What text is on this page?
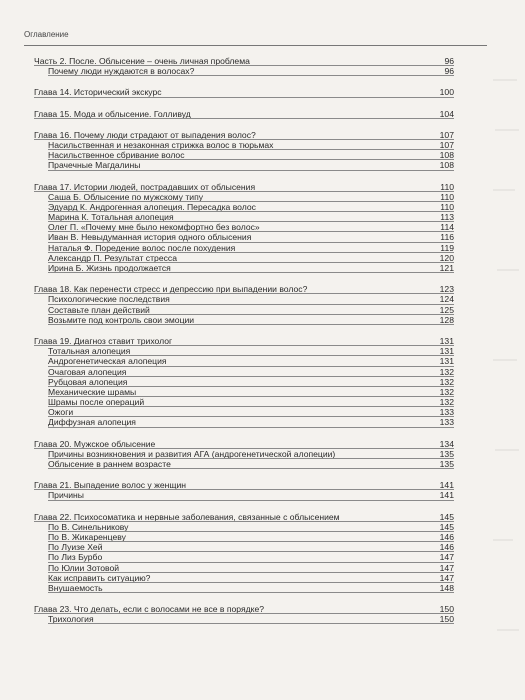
Оглавление
Часть 2. После. Облысение – очень личная проблема	96
Почему люди нуждаются в волосах?	96
Глава 14. Исторический экскурс	100
Глава 15. Мода и облысение. Голливуд	104
Глава 16. Почему люди страдают от выпадения волос?	107
Насильственная и незаконная стрижка волос в тюрьмах	107
Насильственное сбривание волос	108
Прачечные Магдалины	108
Глава 17. Истории людей, пострадавших от облысения	110
Саша Б. Облысение по мужскому типу	110
Эдуард К. Андрогенная алопеция. Пересадка волос	110
Марина К. Тотальная алопеция	113
Олег П. «Почему мне было некомфортно без волос»	114
Иван В. Невыдуманная история одного облысения	116
Наталья Ф. Поредение волос после похудения	119
Александр П. Результат стресса	120
Ирина Б. Жизнь продолжается	121
Глава 18. Как перенести стресс и депрессию при выпадении волос?	123
Психологические последствия	124
Составьте план действий	125
Возьмите под контроль свои эмоции	128
Глава 19. Диагноз ставит трихолог	131
Тотальная алопеция	131
Андрогенетическая алопеция	131
Очаговая алопеция	132
Рубцовая алопеция	132
Механические шрамы	132
Шрамы после операций	132
Ожоги	133
Диффузная алопеция	133
Глава 20. Мужское облысение	134
Причины возникновения и развития АГА (андрогенетической алопеции)	135
Облысение в раннем возрасте	135
Глава 21. Выпадение волос у женщин	141
Причины	141
Глава 22. Психосоматика и нервные заболевания, связанные с облысением	145
По В. Синельникову	145
По В. Жикаренцеву	146
По Луизе Хей	146
По Лиз Бурбо	147
По Юлии Зотовой	147
Как исправить ситуацию?	147
Внушаемость	148
Глава 23. Что делать, если с волосами не все в порядке?	150
Трихология	150
